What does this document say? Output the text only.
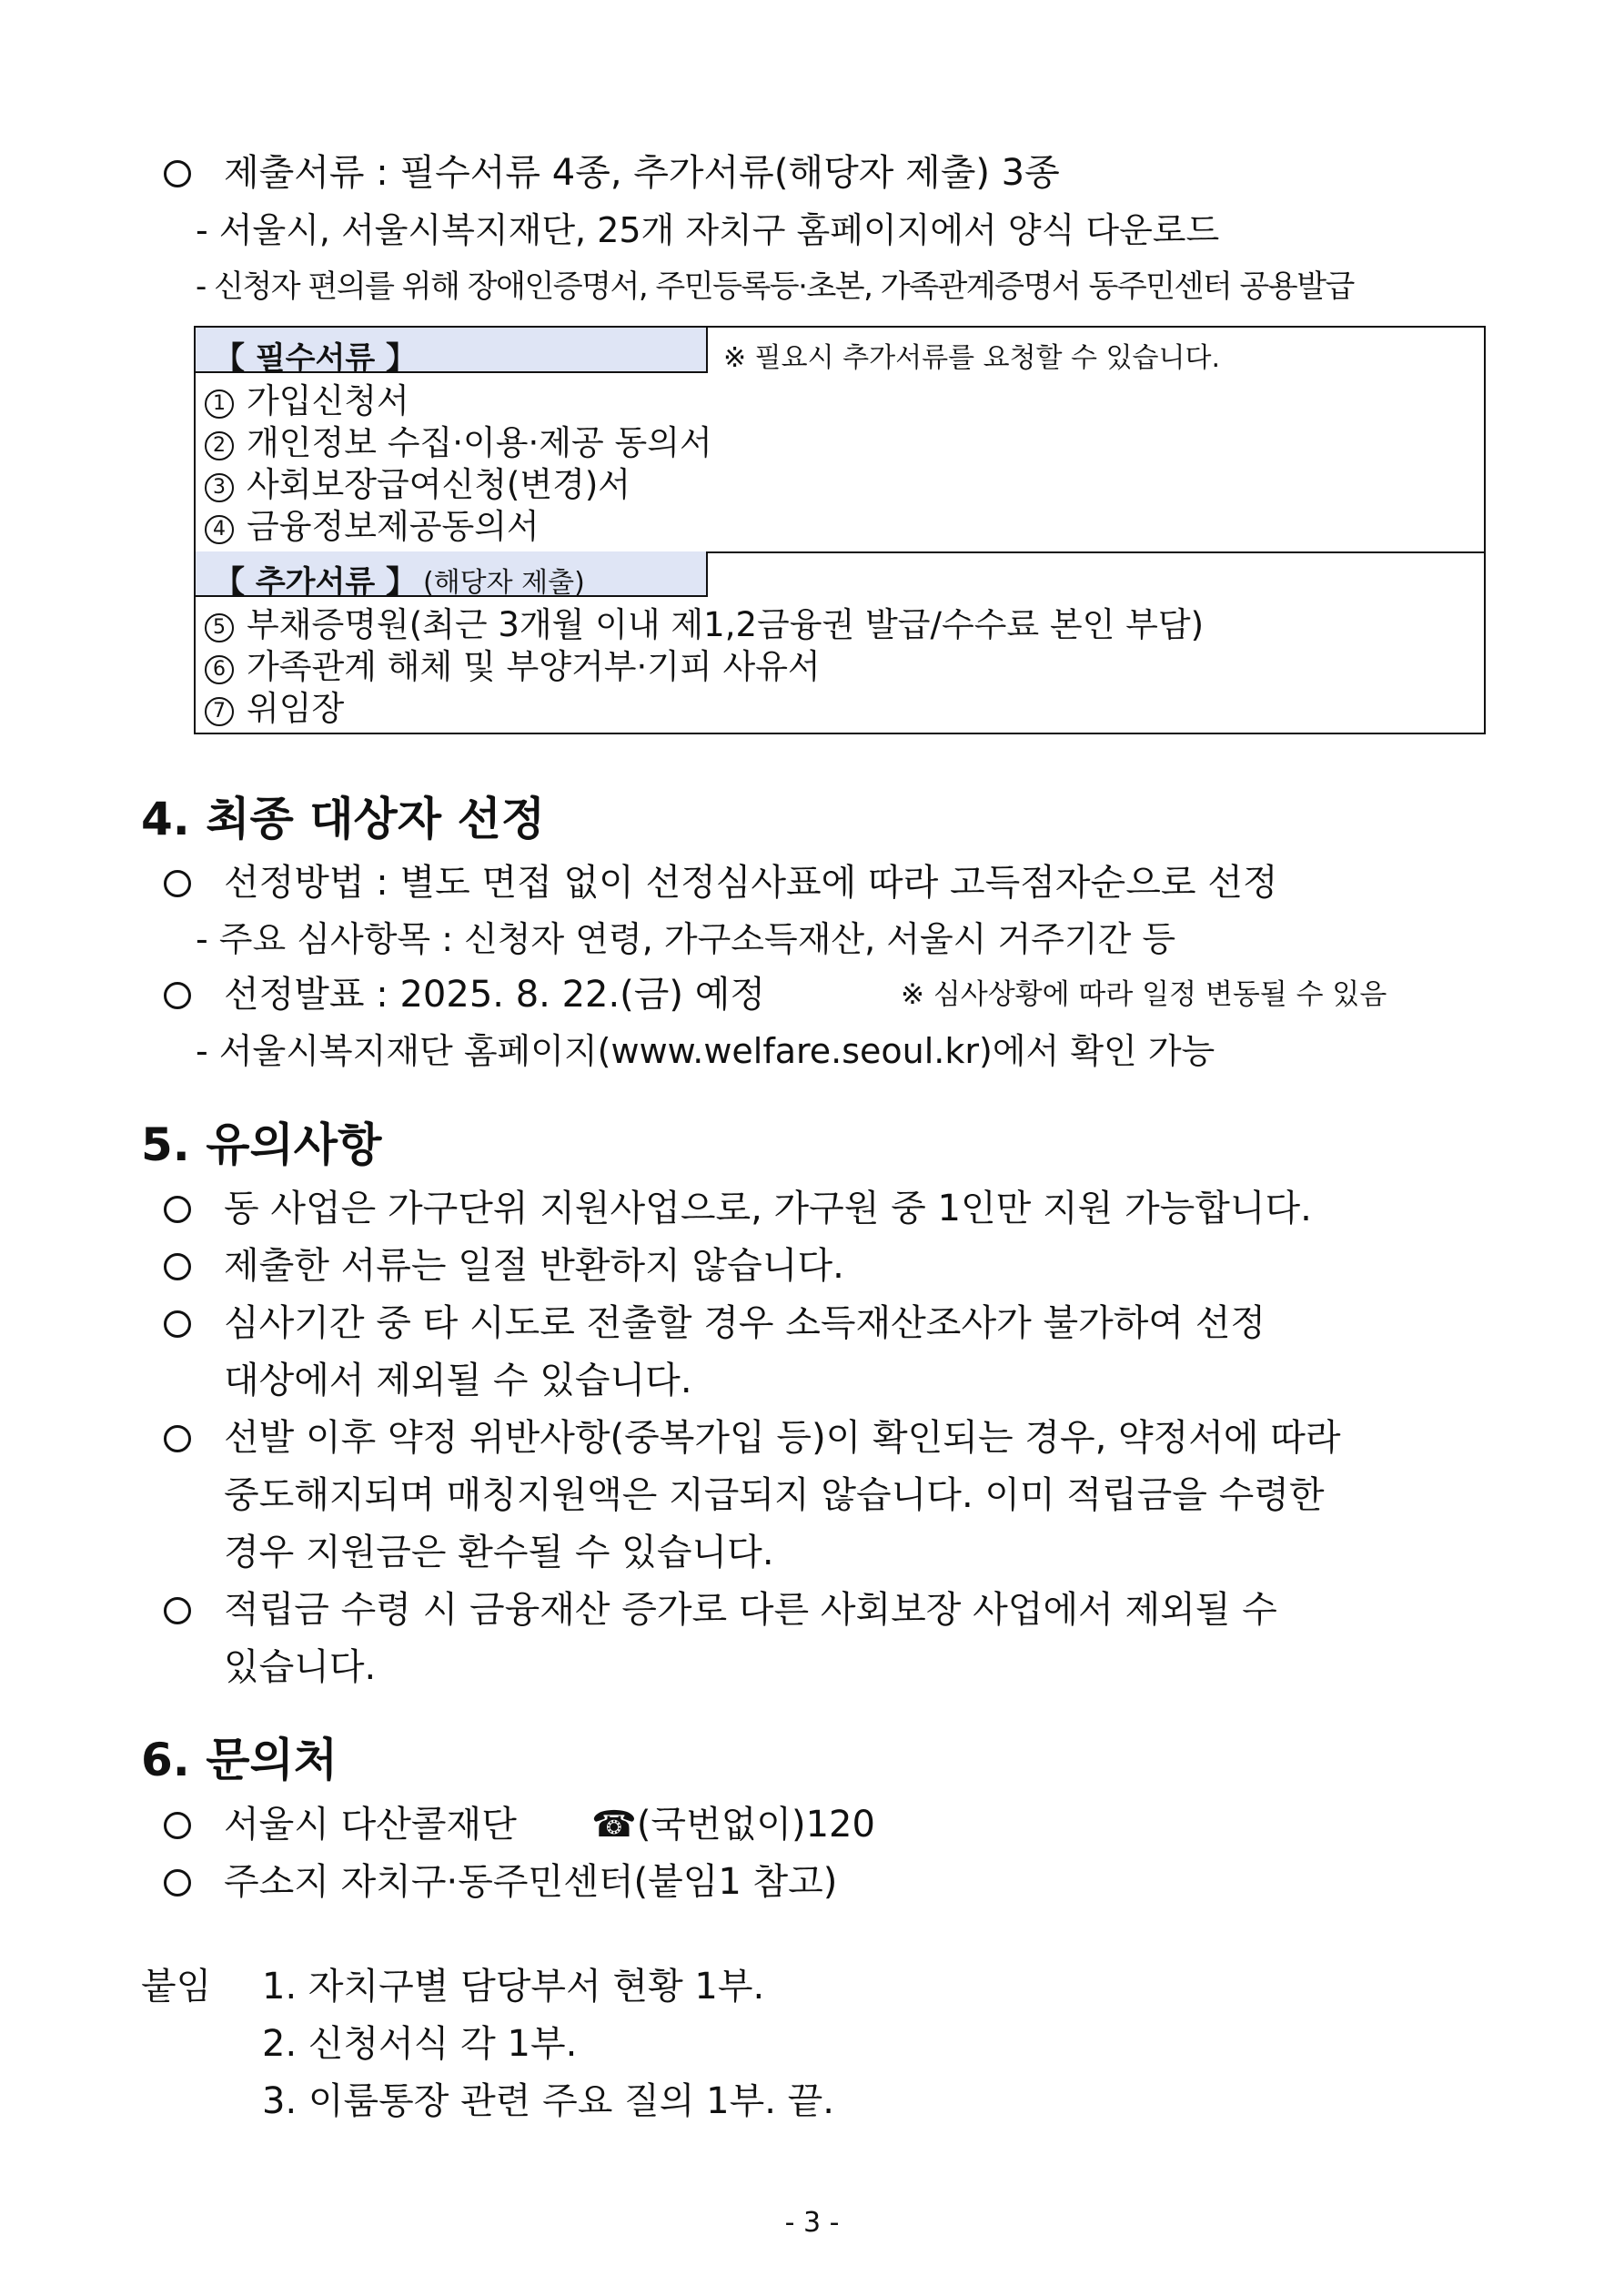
제출서류 : 필수서류 4종, 추가서류(해당자 제출) 3종
- 서울시, 서울시복지재단, 25개 자치구 홈페이지에서 양식 다운로드
- 신청자 편의를 위해 장애인증명서, 주민등록등·초본, 가족관계증명서 동주민센터 공용발급
【 필수서류 】	※ 필요시 추가서류를 요청할 수 있습니다.
1 가입신청서
2 개인정보 수집·이용·제공 동의서
3 사회보장급여신청(변경)서
4 금융정보제공동의서
【 추가서류 】 (해당자 제출)
5 부채증명원(최근 3개월 이내 제1,2금융권 발급/수수료 본인 부담)
6 가족관계 해체 및 부양거부·기피 사유서
7 위임장
4. 최종 대상자 선정
선정방법 : 별도 면접 없이 선정심사표에 따라 고득점자순으로 선정
- 주요 심사항목 : 신청자 연령, 가구소득재산, 서울시 거주기간 등
선정발표 : 2025. 8. 22.(금) 예정	※ 심사상황에 따라 일정 변동될 수 있음
- 서울시복지재단 홈페이지(www.welfare.seoul.kr)에서 확인 가능
5. 유의사항
동 사업은 가구단위 지원사업으로, 가구원 중 1인만 지원 가능합니다.
제출한 서류는 일절 반환하지 않습니다.
심사기간 중 타 시도로 전출할 경우 소득재산조사가 불가하여 선정
대상에서 제외될 수 있습니다.
선발 이후 약정 위반사항(중복가입 등)이 확인되는 경우, 약정서에 따라
중도해지되며 매칭지원액은 지급되지 않습니다. 이미 적립금을 수령한
경우 지원금은 환수될 수 있습니다.
적립금 수령 시 금융재산 증가로 다른 사회보장 사업에서 제외될 수
있습니다.
6. 문의처
서울시 다산콜재단 ☎(국번없이)120
주소지 자치구·동주민센터(붙임1 참고)
붙임 1. 자치구별 담당부서 현황 1부.
2. 신청서식 각 1부.
3. 이룸통장 관련 주요 질의 1부. 끝.
- 3 -
